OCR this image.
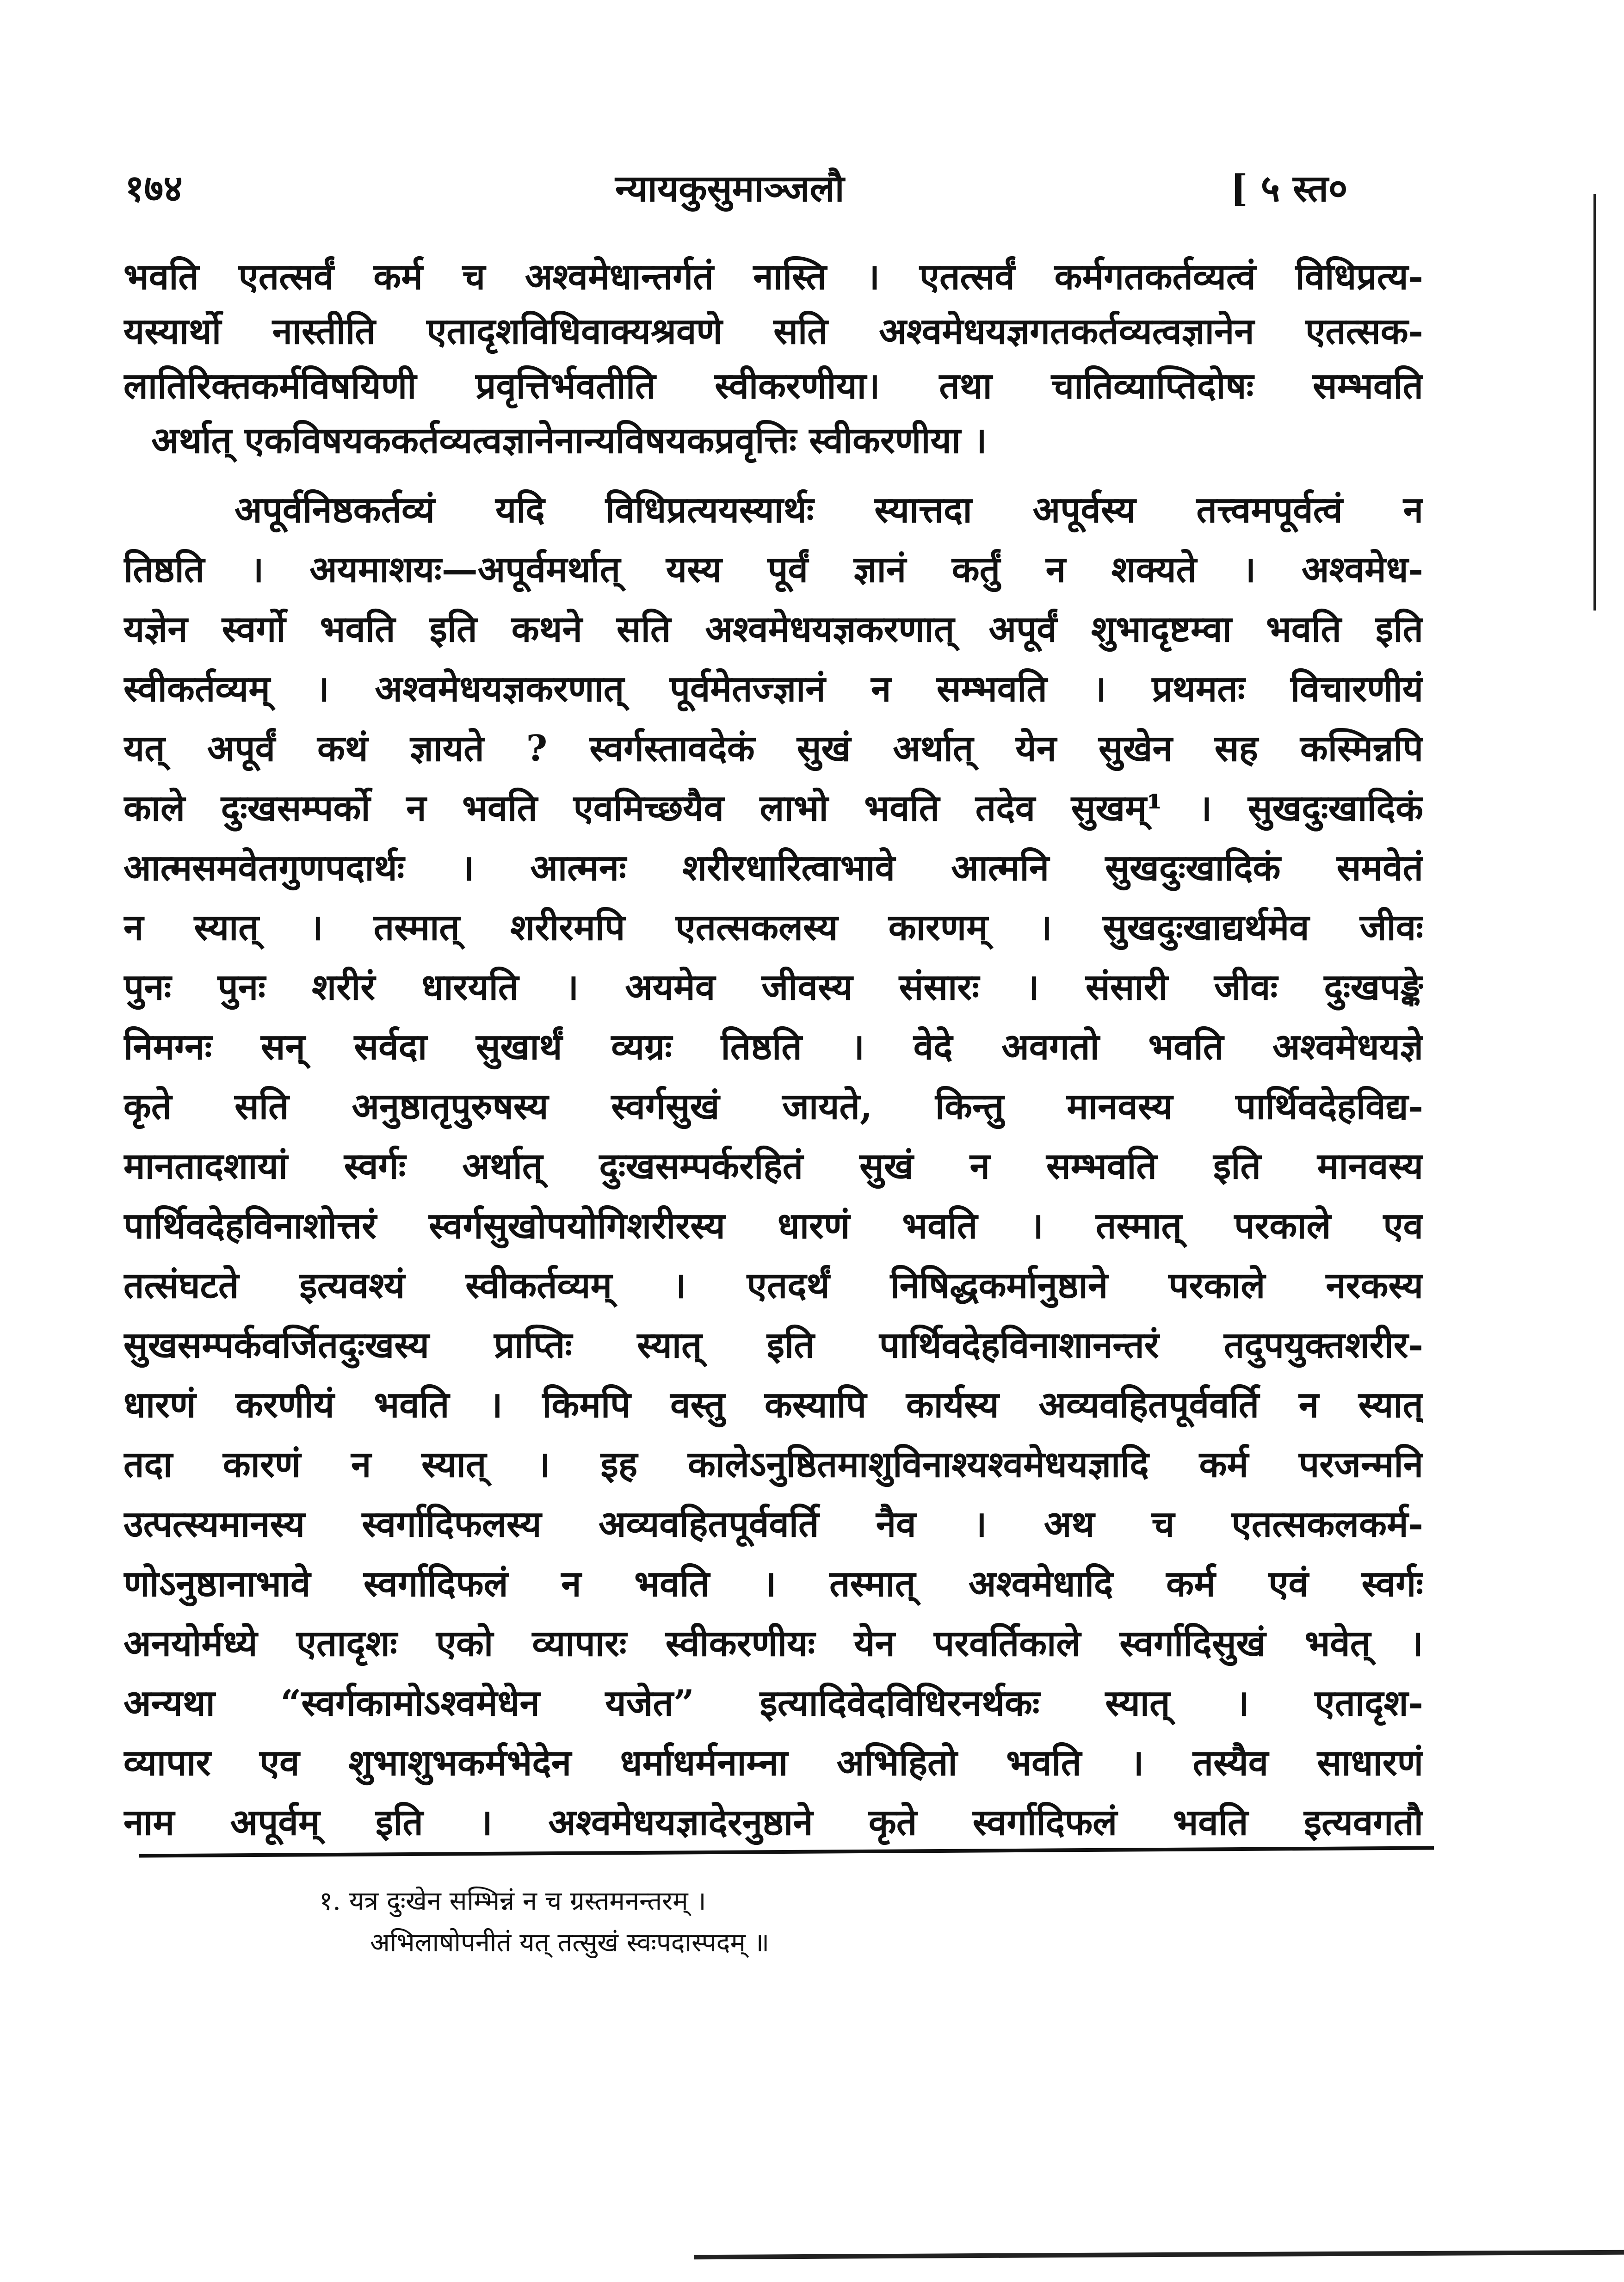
१७४	न्यायकुसुमाञ्जलौ	[ ५ स्त०
भवति एतत्सर्वं कर्म च अश्वमेधान्तर्गतं नास्ति । एतत्सर्वं कर्मगतकर्तव्यत्वं विधिप्रत्य-
यस्यार्थो नास्तीति एतादृशविधिवाक्यश्रवणे सति अश्वमेधयज्ञगतकर्तव्यत्वज्ञानेन एतत्सक-
लातिरिक्तकर्मविषयिणी प्रवृत्तिर्भवतीति स्वीकरणीया। तथा चातिव्याप्तिदोषः सम्भवति
अर्थात् एकविषयककर्तव्यत्वज्ञानेनान्यविषयकप्रवृत्तिः स्वीकरणीया ।
अपूर्वनिष्ठकर्तव्यं यदि विधिप्रत्ययस्यार्थः स्यात्तदा अपूर्वस्य तत्त्वमपूर्वत्वं न
तिष्ठति । अयमाशयः—अपूर्वमर्थात् यस्य पूर्वं ज्ञानं कर्तुं न शक्यते । अश्वमेध-
यज्ञेन स्वर्गो भवति इति कथने सति अश्वमेधयज्ञकरणात् अपूर्वं शुभादृष्टम्वा भवति इति
स्वीकर्तव्यम् । अश्वमेधयज्ञकरणात् पूर्वमेतज्ज्ञानं न सम्भवति । प्रथमतः विचारणीयं
यत् अपूर्वं कथं ज्ञायते ? स्वर्गस्तावदेकं सुखं अर्थात् येन सुखेन सह कस्मिन्नपि
काले दुःखसम्पर्को न भवति एवमिच्छयैव लाभो भवति तदेव सुखम्¹ । सुखदुःखादिकं
आत्मसमवेतगुणपदार्थः । आत्मनः शरीरधारित्वाभावे आत्मनि सुखदुःखादिकं समवेतं
न स्यात् । तस्मात् शरीरमपि एतत्सकलस्य कारणम् । सुखदुःखाद्यर्थमेव जीवः
पुनः पुनः शरीरं धारयति । अयमेव जीवस्य संसारः । संसारी जीवः दुःखपङ्के
निमग्नः सन् सर्वदा सुखार्थं व्यग्रः तिष्ठति । वेदे अवगतो भवति अश्वमेधयज्ञे
कृते सति अनुष्ठातृपुरुषस्य स्वर्गसुखं जायते, किन्तु मानवस्य पार्थिवदेहविद्य-
मानतादशायां स्वर्गः अर्थात् दुःखसम्पर्करहितं सुखं न सम्भवति इति मानवस्य
पार्थिवदेहविनाशोत्तरं स्वर्गसुखोपयोगिशरीरस्य धारणं भवति । तस्मात् परकाले एव
तत्संघटते इत्यवश्यं स्वीकर्तव्यम् । एतदर्थं निषिद्धकर्मानुष्ठाने परकाले नरकस्य
सुखसम्पर्कवर्जितदुःखस्य प्राप्तिः स्यात् इति पार्थिवदेहविनाशानन्तरं तदुपयुक्तशरीर-
धारणं करणीयं भवति । किमपि वस्तु कस्यापि कार्यस्य अव्यवहितपूर्ववर्ति न स्यात्
तदा कारणं न स्यात् । इह कालेऽनुष्ठितमाशुविनाश्यश्वमेधयज्ञादि कर्म परजन्मनि
उत्पत्स्यमानस्य स्वर्गादिफलस्य अव्यवहितपूर्ववर्ति नैव । अथ च एतत्सकलकर्म-
णोऽनुष्ठानाभावे स्वर्गादिफलं न भवति । तस्मात् अश्वमेधादि कर्म एवं स्वर्गः
अनयोर्मध्ये एतादृशः एको व्यापारः स्वीकरणीयः येन परवर्तिकाले स्वर्गादिसुखं भवेत् ।
अन्यथा “स्वर्गकामोऽश्वमेधेन यजेत” इत्यादिवेदविधिरनर्थकः स्यात् । एतादृश-
व्यापार एव शुभाशुभकर्मभेदेन धर्माधर्मनाम्ना अभिहितो भवति । तस्यैव साधारणं
नाम अपूर्वम् इति । अश्वमेधयज्ञादेरनुष्ठाने कृते स्वर्गादिफलं भवति इत्यवगतौ
१. यत्र दुःखेन सम्भिन्नं न च ग्रस्तमनन्तरम् ।
अभिलाषोपनीतं यत् तत्सुखं स्वःपदास्पदम् ॥
